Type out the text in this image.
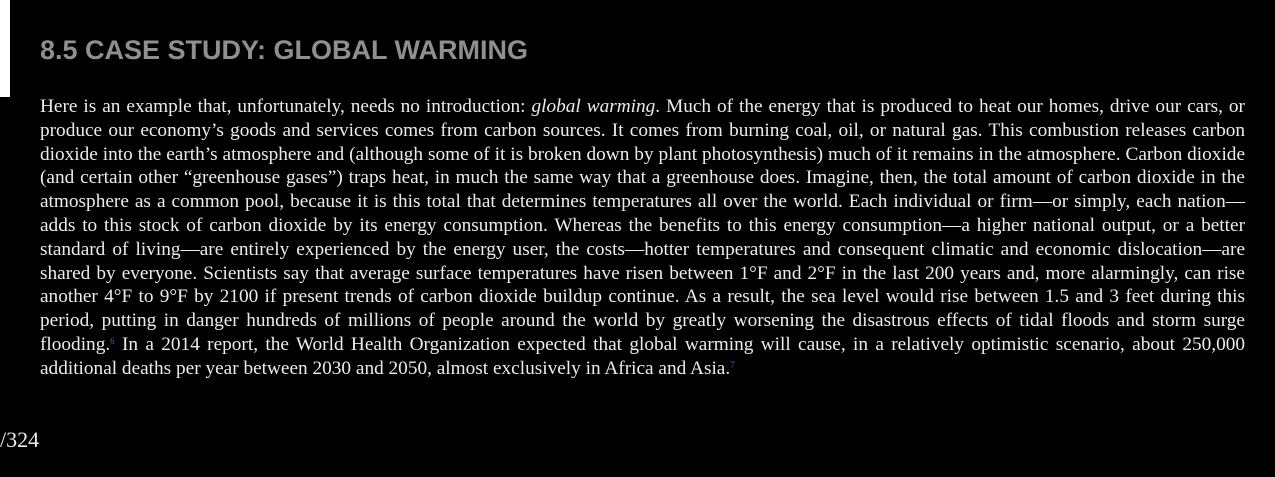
8.5 CASE STUDY: GLOBAL WARMING

Here is an example that, unfortunately, needs no introduction: global warming. Much of the energy that is produced to heat our homes, drive our cars, or produce our economy’s goods and services comes from carbon sources. It comes from burning coal, oil, or natural gas. This combustion releases carbon dioxide into the earth’s atmosphere and (although some of it is broken down by plant photosynthesis) much of it remains in the atmosphere. Carbon dioxide (and certain other “greenhouse gases”) traps heat, in much the same way that a greenhouse does. Imagine, then, the total amount of carbon dioxide in the atmosphere as a common pool, because it is this total that determines temperatures all over the world. Each individual or firm—or simply, each nation—adds to this stock of carbon dioxide by its energy consumption. Whereas the benefits to this energy consumption—a higher national output, or a better standard of living—are entirely experienced by the energy user, the costs—hotter temperatures and consequent climatic and economic dislocation—are shared by everyone. Scientists say that average surface temperatures have risen between 1°F and 2°F in the last 200 years and, more alarmingly, can rise another 4°F to 9°F by 2100 if present trends of carbon dioxide buildup continue. As a result, the sea level would rise between 1.5 and 3 feet during this period, putting in danger hundreds of millions of people around the world by greatly worsening the disastrous effects of tidal floods and storm surge flooding.$^6$ In a 2014 report, the World Health Organization expected that global warming will cause, in a relatively optimistic scenario, about 250,000 additional deaths per year between 2030 and 2050, almost exclusively in Africa and Asia.$^7$

/324
